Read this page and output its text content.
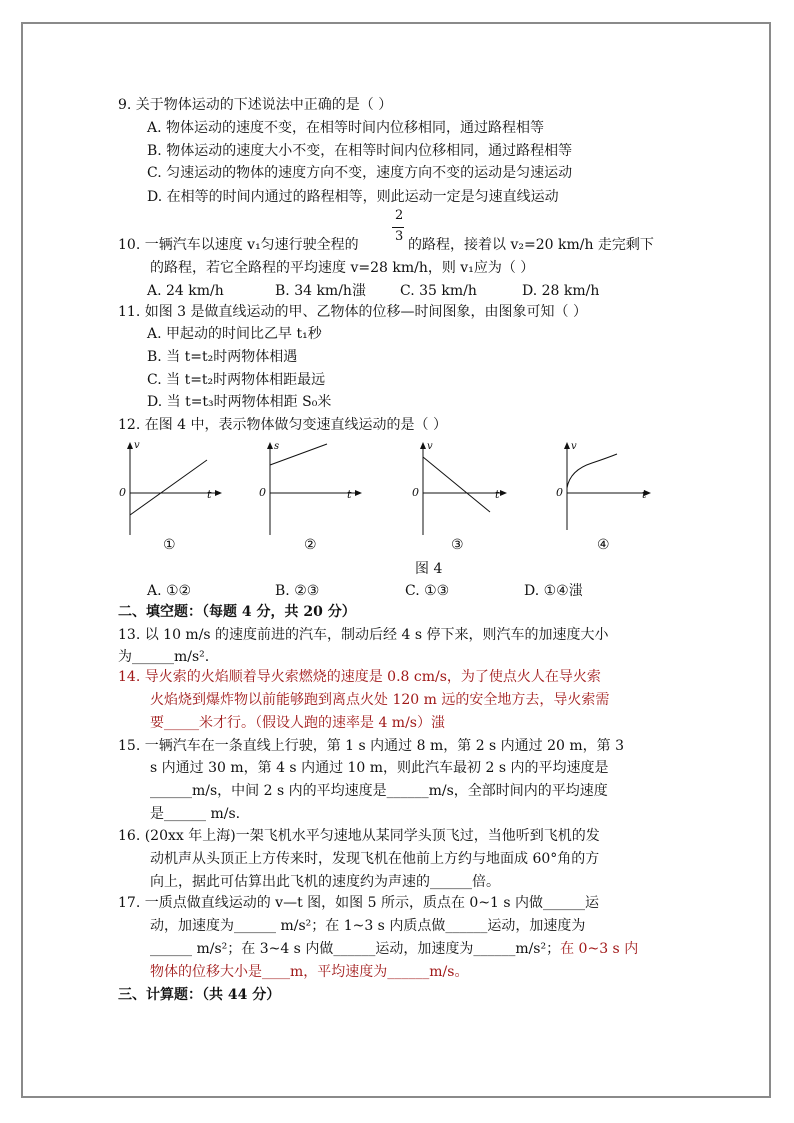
9. 关于物体运动的下述说法中正确的是（ ）
A. 物体运动的速度不变，在相等时间内位移相同，通过路程相等
B. 物体运动的速度大小不变，在相等时间内位移相同，通过路程相等
C. 匀速运动的物体的速度方向不变，速度方向不变的运动是匀速运动
D. 在相等的时间内通过的路程相等，则此运动一定是匀速直线运动
2
3
10. 一辆汽车以速度 v₁匀速行驶全程的	的路程，接着以 v₂=20 km/h 走完剩下
的路程，若它全路程的平均速度 v=28 km/h，则 v₁应为（ ）
A. 24 km/h	B. 34 km/h滍 C. 35 km/h	D. 28 km/h
11. 如图 3 是做直线运动的甲、乙物体的位移—时间图象，由图象可知（ ）
A. 甲起动的时间比乙早 t₁秒
B. 当 t=t₂时两物体相遇
C. 当 t=t₂时两物体相距最远
D. 当 t=t₃时两物体相距 S₀米
12. 在图 4 中，表示物体做匀变速直线运动的是（ ）
v
0	t
s
0	t
v
0	t
v
0	t
①	②	③	④
图 4
A. ①②	B. ②③	C. ①③	D. ①④滍
二、填空题：（每题 4 分，共 20 分）
13. 以 10 m/s 的速度前进的汽车，制动后经 4 s 停下来，则汽车的加速度大小
为______m/s².
14. 导火索的火焰顺着导火索燃烧的速度是 0.8 cm/s，为了使点火人在导火索
火焰烧到爆炸物以前能够跑到离点火处 120 m 远的安全地方去，导火索需
要_____米才行。（假设人跑的速率是 4 m/s）滍
15. 一辆汽车在一条直线上行驶，第 1 s 内通过 8 m，第 2 s 内通过 20 m，第 3
s 内通过 30 m，第 4 s 内通过 10 m，则此汽车最初 2 s 内的平均速度是
______m/s，中间 2 s 内的平均速度是______m/s，全部时间内的平均速度
是______ m/s.
16. (20xx 年上海)一架飞机水平匀速地从某同学头顶飞过，当他听到飞机的发
动机声从头顶正上方传来时，发现飞机在他前上方约与地面成 60°角的方
向上，据此可估算出此飞机的速度约为声速的______倍。
17. 一质点做直线运动的 v—t 图，如图 5 所示，质点在 0~1 s 内做______运
动，加速度为______ m/s²；在 1~3 s 内质点做______运动，加速度为
______ m/s²；在 3~4 s 内做______运动，加速度为______m/s²；在 0~3 s 内
物体的位移大小是____m，平均速度为______m/s。
三、计算题：（共 44 分）
